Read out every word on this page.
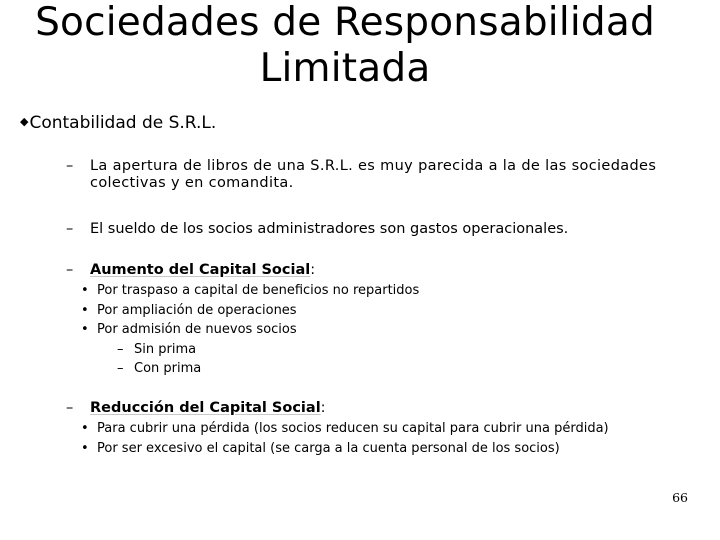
Sociedades de Responsabilidad
Limitada
◆Contabilidad de S.R.L.
– La apertura de libros de una S.R.L. es muy parecida a la de las sociedades colectivas y en comandita.
– El sueldo de los socios administradores son gastos operacionales.
– Aumento del Capital Social:
• Por traspaso a capital de beneficios no repartidos
• Por ampliación de operaciones
• Por admisión de nuevos socios
– Sin prima
– Con prima
– Reducción del Capital Social:
• Para cubrir una pérdida (los socios reducen su capital para cubrir una pérdida)
• Por ser excesivo el capital (se carga a la cuenta personal de los socios)
66
